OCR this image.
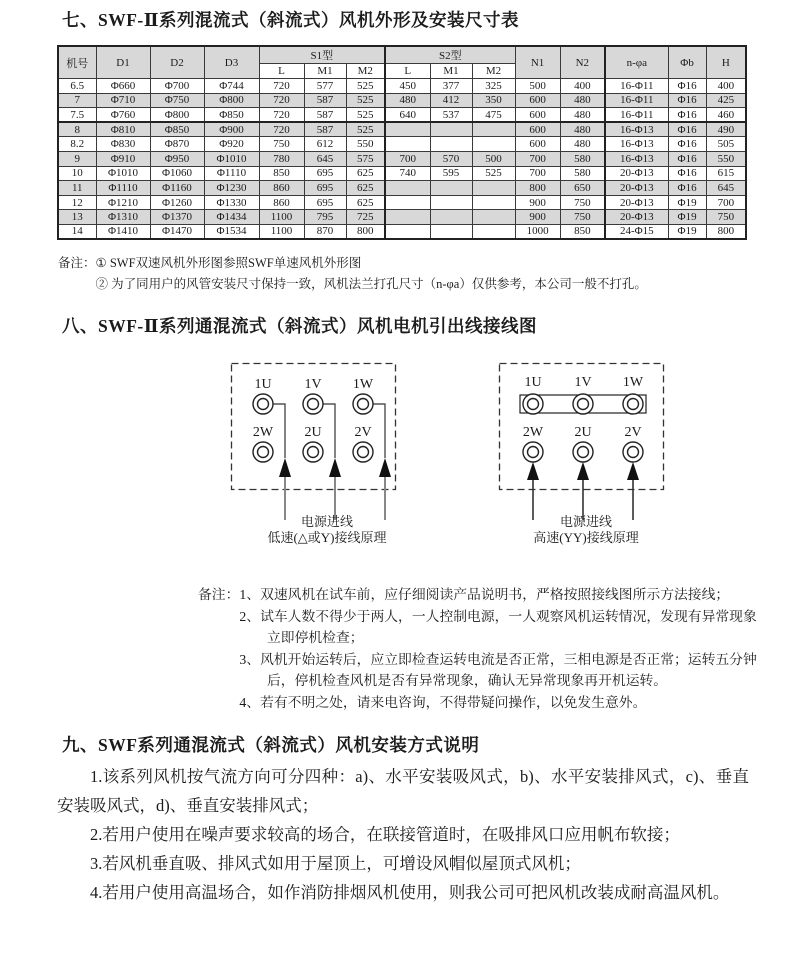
七、SWF-Ⅱ系列混流式（斜流式）风机外形及安装尺寸表
机号	D1	D2	D3	S1型			S2型			N1	N2	n-φa	Φb	H
				L	M1	M2	L	M1	M2					
6.5	Φ660	Φ700	Φ744	720	577	525	450	377	325	500	400	16-Φ11	Φ16	400
7	Φ710	Φ750	Φ800	720	587	525	480	412	350	600	480	16-Φ11	Φ16	425
7.5	Φ760	Φ800	Φ850	720	587	525	640	537	475	600	480	16-Φ11	Φ16	460
8	Φ810	Φ850	Φ900	720	587	525				600	480	16-Φ13	Φ16	490
8.2	Φ830	Φ870	Φ920	750	612	550				600	480	16-Φ13	Φ16	505
9	Φ910	Φ950	Φ1010	780	645	575	700	570	500	700	580	16-Φ13	Φ16	550
10	Φ1010	Φ1060	Φ1110	850	695	625	740	595	525	700	580	20-Φ13	Φ16	615
11	Φ1110	Φ1160	Φ1230	860	695	625				800	650	20-Φ13	Φ16	645
12	Φ1210	Φ1260	Φ1330	860	695	625				900	750	20-Φ13	Φ19	700
13	Φ1310	Φ1370	Φ1434	1100	795	725				900	750	20-Φ13	Φ19	750
14	Φ1410	Φ1470	Φ1534	1100	870	800				1000	850	24-Φ15	Φ19	800
备注： ① SWF双速风机外形图参照SWF单速风机外形图
② 为了同用户的风管安装尺寸保持一致，风机法兰打孔尺寸（n-φa）仅供参考，本公司一般不打孔。
八、SWF-Ⅱ系列通混流式（斜流式）风机电机引出线接线图
1U 1V 1W
2W 2U 2V
1U 1V 1W
2W 2U 2V
电源进线
低速(△或Y)接线原理
电源进线
高速(YY)接线原理
备注： 1、双速风机在试车前，应仔细阅读产品说明书，严格按照接线图所示方法接线；
2、试车人数不得少于两人，一人控制电源，一人观察风机运转情况，发现有异常现象立即停机检查；
3、风机开始运转后，应立即检查运转电流是否正常，三相电源是否正常；运转五分钟后，停机检查风机是否有异常现象，确认无异常现象再开机运转。
4、若有不明之处，请来电咨询，不得带疑问操作，以免发生意外。
九、SWF系列通混流式（斜流式）风机安装方式说明
1.该系列风机按气流方向可分四种：a)、水平安装吸风式，b)、水平安装排风式，c)、垂直安装吸风式，d)、垂直安装排风式；
2.若用户使用在噪声要求较高的场合，在联接管道时，在吸排风口应用帆布软接；
3.若风机垂直吸、排风式如用于屋顶上，可增设风帽似屋顶式风机；
4.若用户使用高温场合，如作消防排烟风机使用，则我公司可把风机改装成耐高温风机。
